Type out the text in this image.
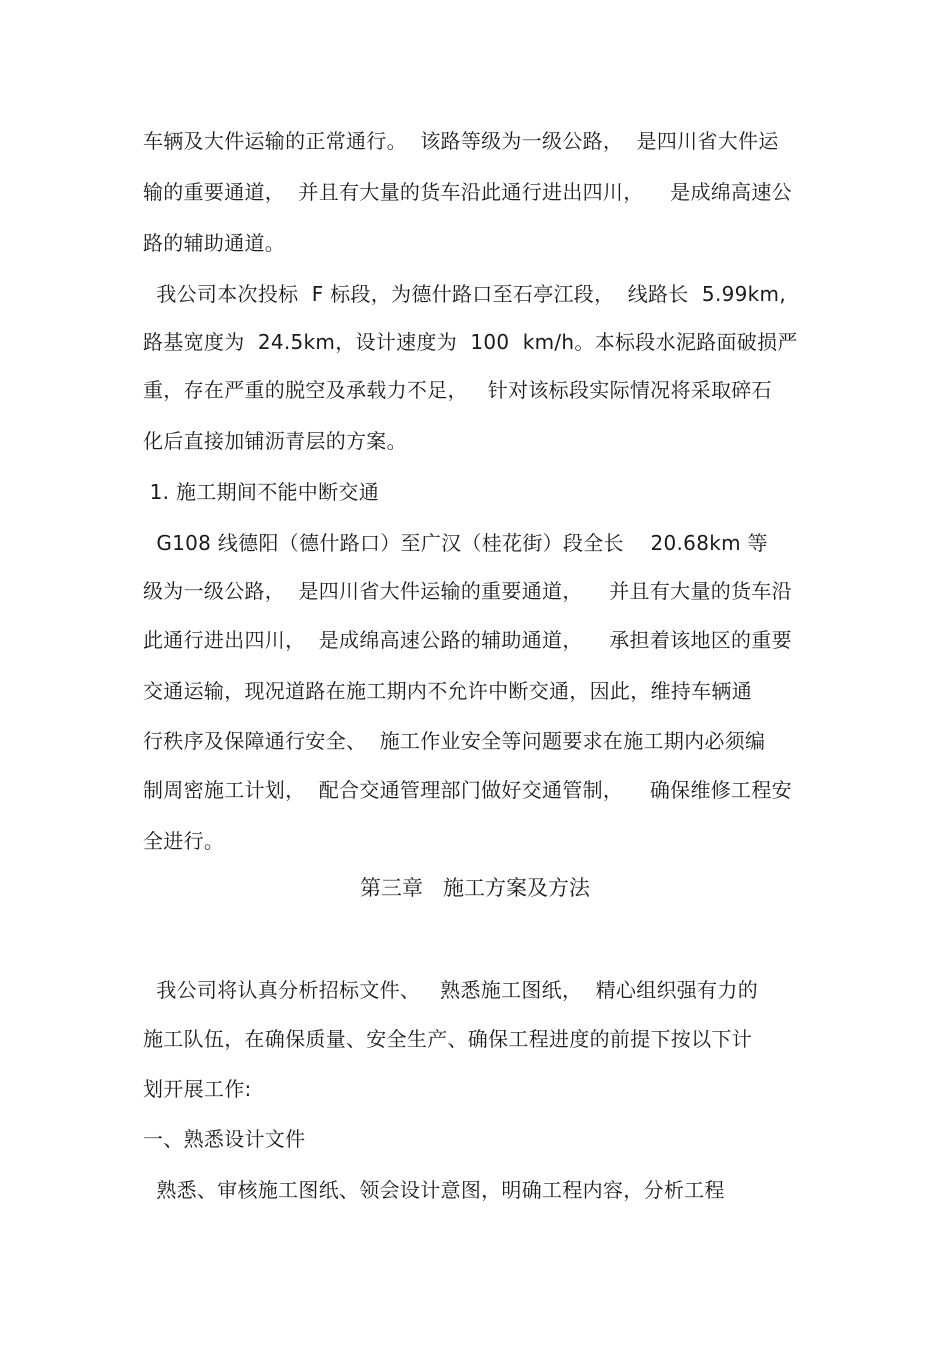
车辆及大件运输的正常通行。  该路等级为一级公路，  是四川省大件运
输的重要通道，  并且有大量的货车沿此通行进出四川，    是成绵高速公
路的辅助通道。
我公司本次投标  F 标段，为德什路口至石亭江段，  线路长  5.99km,
路基宽度为  24.5km，设计速度为  100  km/h。本标段水泥路面破损严
重，存在严重的脱空及承载力不足，   针对该标段实际情况将采取碎石
化后直接加铺沥青层的方案。
1. 施工期间不能中断交通
G108 线德阳（德什路口）至广汉（桂花街）段全长    20.68km 等
级为一级公路，  是四川省大件运输的重要通道，    并且有大量的货车沿
此通行进出四川，  是成绵高速公路的辅助通道，    承担着该地区的重要
交通运输，现况道路在施工期内不允许中断交通，因此，维持车辆通
行秩序及保障通行安全、  施工作业安全等问题要求在施工期内必须编
制周密施工计划，  配合交通管理部门做好交通管制，    确保维修工程安
全进行。
第三章   施工方案及方法
我公司将认真分析招标文件、   熟悉施工图纸，  精心组织强有力的
施工队伍，在确保质量、安全生产、确保工程进度的前提下按以下计
划开展工作:
一、熟悉设计文件
熟悉、审核施工图纸、领会设计意图，明确工程内容，分析工程
